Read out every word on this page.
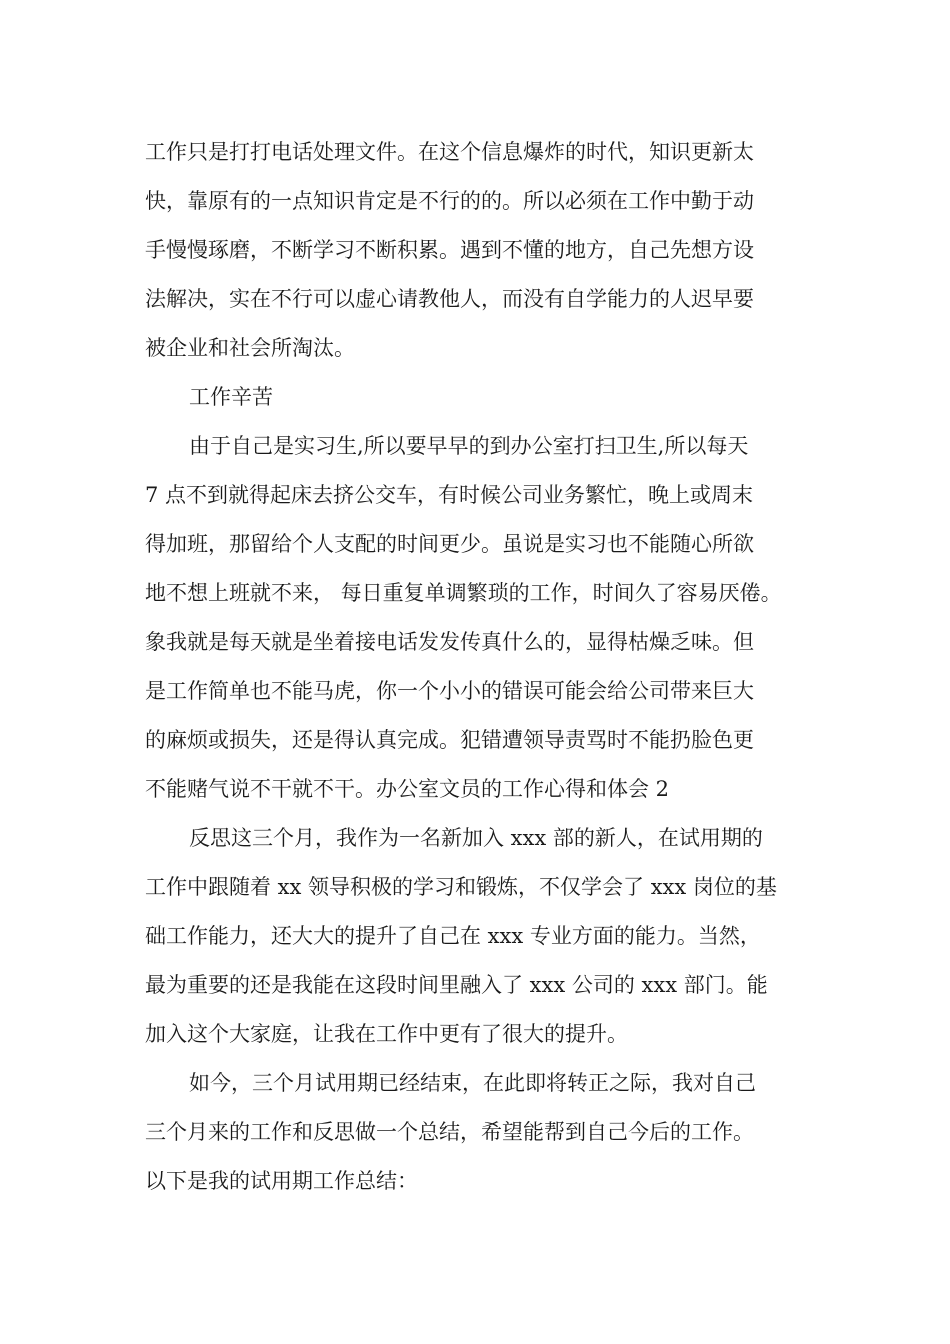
工作只是打打电话处理文件。在这个信息爆炸的时代，知识更新太
快，靠原有的一点知识肯定是不行的的。所以必须在工作中勤于动
手慢慢琢磨，不断学习不断积累。遇到不懂的地方，自己先想方设
法解决，实在不行可以虚心请教他人，而没有自学能力的人迟早要
被企业和社会所淘汰。
工作辛苦
由于自己是实习生,所以要早早的到办公室打扫卫生,所以每天
7 点不到就得起床去挤公交车，有时候公司业务繁忙，晚上或周末
得加班，那留给个人支配的时间更少。虽说是实习也不能随心所欲
地不想上班就不来， 每日重复单调繁琐的工作，时间久了容易厌倦。
象我就是每天就是坐着接电话发发传真什么的，显得枯燥乏味。但
是工作简单也不能马虎，你一个小小的错误可能会给公司带来巨大
的麻烦或损失，还是得认真完成。犯错遭领导责骂时不能扔脸色更
不能赌气说不干就不干。办公室文员的工作心得和体会 2
反思这三个月，我作为一名新加入 xxx 部的新人，在试用期的
工作中跟随着 xx 领导积极的学习和锻炼，不仅学会了 xxx 岗位的基
础工作能力，还大大的提升了自己在 xxx 专业方面的能力。当然，
最为重要的还是我能在这段时间里融入了 xxx 公司的 xxx 部门。能
加入这个大家庭，让我在工作中更有了很大的提升。
如今，三个月试用期已经结束，在此即将转正之际，我对自己
三个月来的工作和反思做一个总结，希望能帮到自己今后的工作。
以下是我的试用期工作总结：
